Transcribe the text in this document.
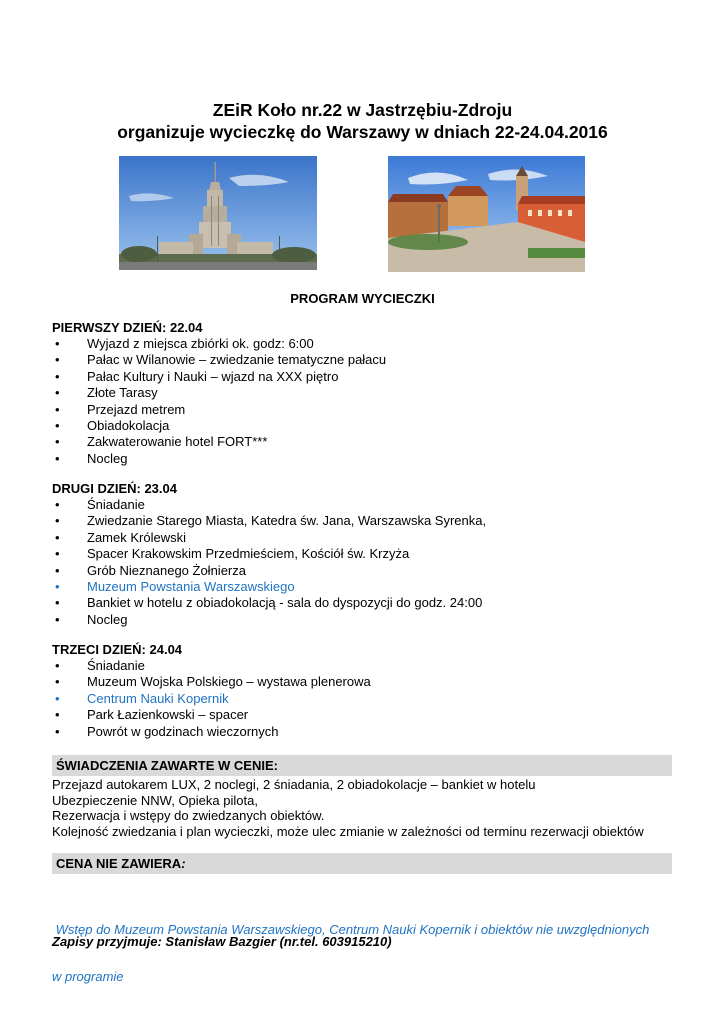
ZEiR Koło nr.22 w Jastrzębiu-Zdroju
organizuje wycieczkę do Warszawy w dniach 22-24.04.2016
PROGRAM WYCIECZKI
PIERWSZY DZIEŃ: 22.04
• Wyjazd z miejsca zbiórki ok. godz: 6:00
• Pałac w Wilanowie – zwiedzanie tematyczne pałacu
• Pałac Kultury i Nauki – wjazd na XXX piętro
• Złote Tarasy
• Przejazd metrem
• Obiadokolacja
• Zakwaterowanie hotel FORT***
• Nocleg
DRUGI DZIEŃ: 23.04
• Śniadanie
• Zwiedzanie Starego Miasta, Katedra św. Jana, Warszawska Syrenka,
• Zamek Królewski
• Spacer Krakowskim Przedmieściem, Kościół św. Krzyża
• Grób Nieznanego Żołnierza
• Muzeum Powstania Warszawskiego
• Bankiet w hotelu z obiadokolacją - sala do dyspozycji do godz. 24:00
• Nocleg
TRZECI DZIEŃ: 24.04
• Śniadanie
• Muzeum Wojska Polskiego – wystawa plenerowa
• Centrum Nauki Kopernik
• Park Łazienkowski – spacer
• Powrót w godzinach wieczornych
ŚWIADCZENIA ZAWARTE W CENIE:
Przejazd autokarem LUX, 2 noclegi, 2 śniadania, 2 obiadokolacje – bankiet w hotelu
Ubezpieczenie NNW, Opieka pilota,
Rezerwacja i wstępy do zwiedzanych obiektów.
Kolejność zwiedzania i plan wycieczki, może ulec zmianie w zależności od terminu rezerwacji obiektów
CENA NIE ZAWIERA:

Wstęp do Muzeum Powstania Warszawskiego, Centrum Nauki Kopernik i obiektów nie uwzględnionych

w programie

Zapisy przyjmuje: Stanisław Bazgier (nr.tel. 603915210)
